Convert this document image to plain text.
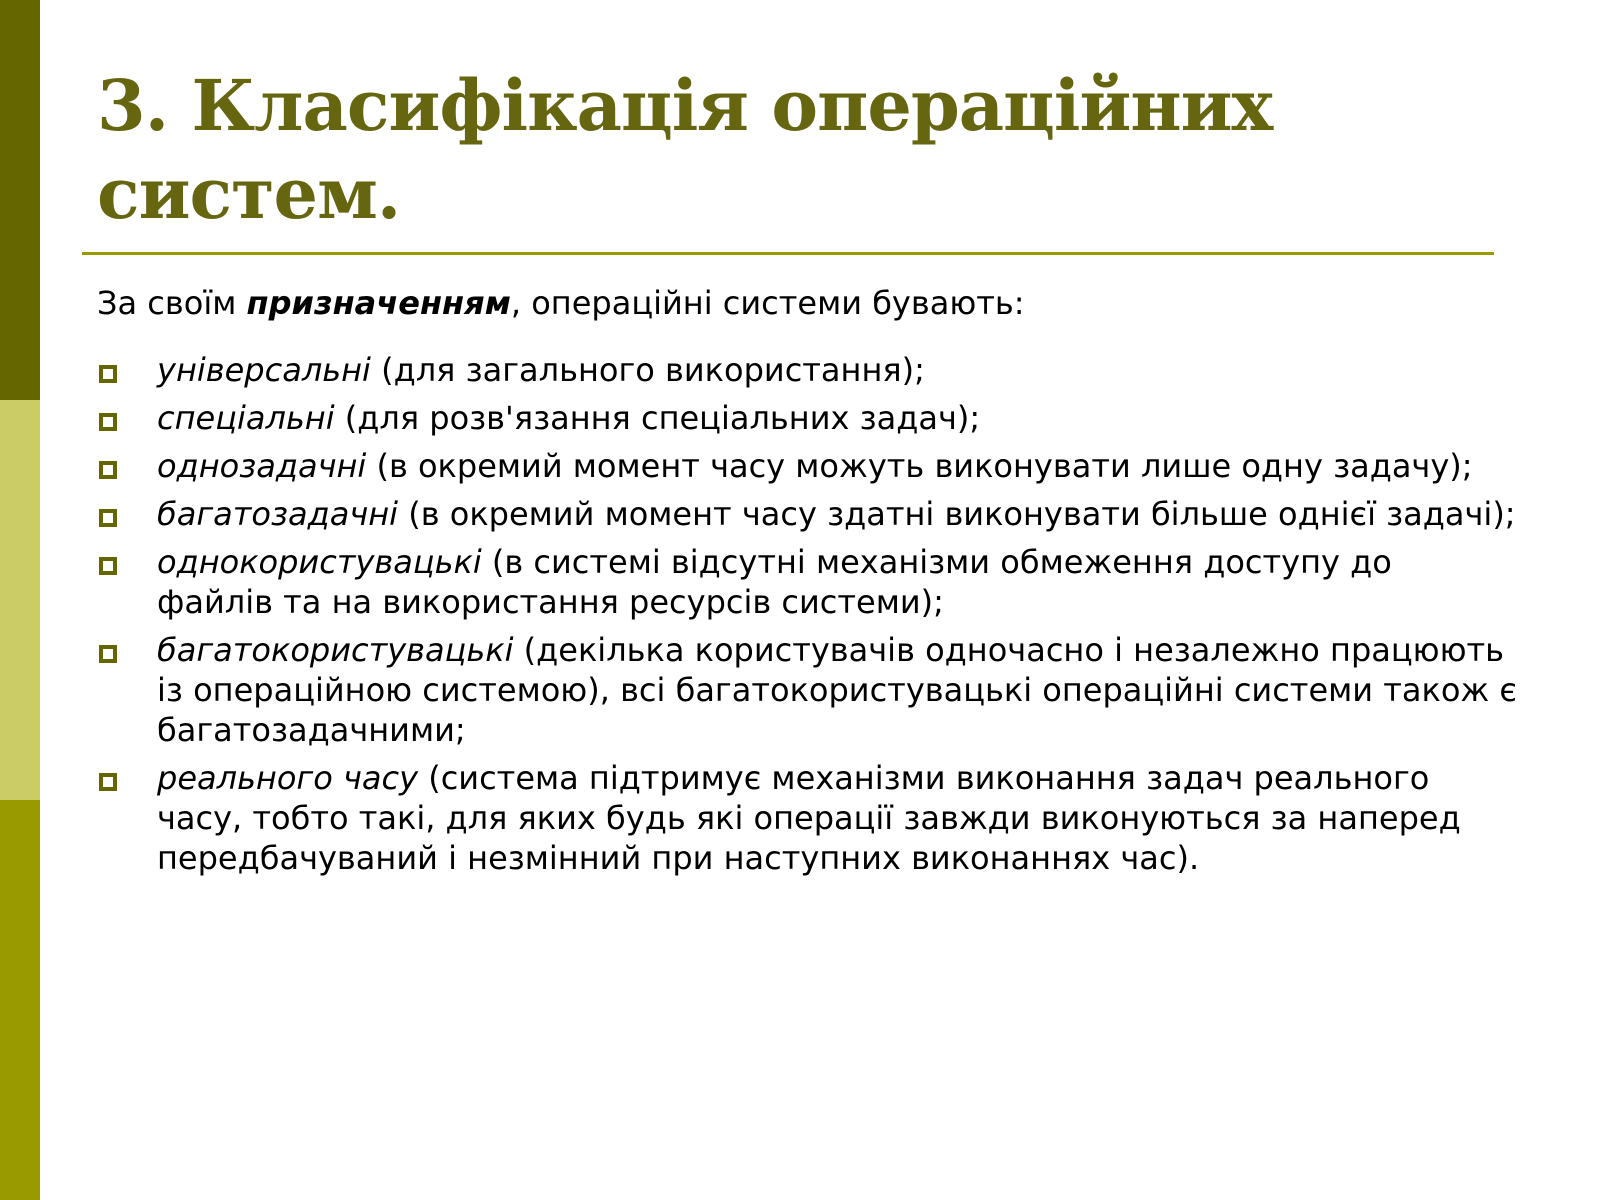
3. Класифікація операційних
систем.

За своїм призначенням, операційні системи бувають:

універсальні (для загального використання);
спеціальні (для розв'язання спеціальних задач);
однозадачні (в окремий момент часу можуть виконувати лише одну задачу);
багатозадачні (в окремий момент часу здатні виконувати більше однієї задачі);
однокористувацькі (в системі відсутні механізми обмеження доступу до файлів та на використання ресурсів системи);
багатокористувацькі (декілька користувачів одночасно і незалежно працюють із операційною системою), всі багатокористувацькі операційні системи також є багатозадачними;
реального часу (система підтримує механізми виконання задач реального часу, тобто такі, для яких будь які операції завжди виконуються за наперед передбачуваний і незмінний при наступних виконаннях час).
